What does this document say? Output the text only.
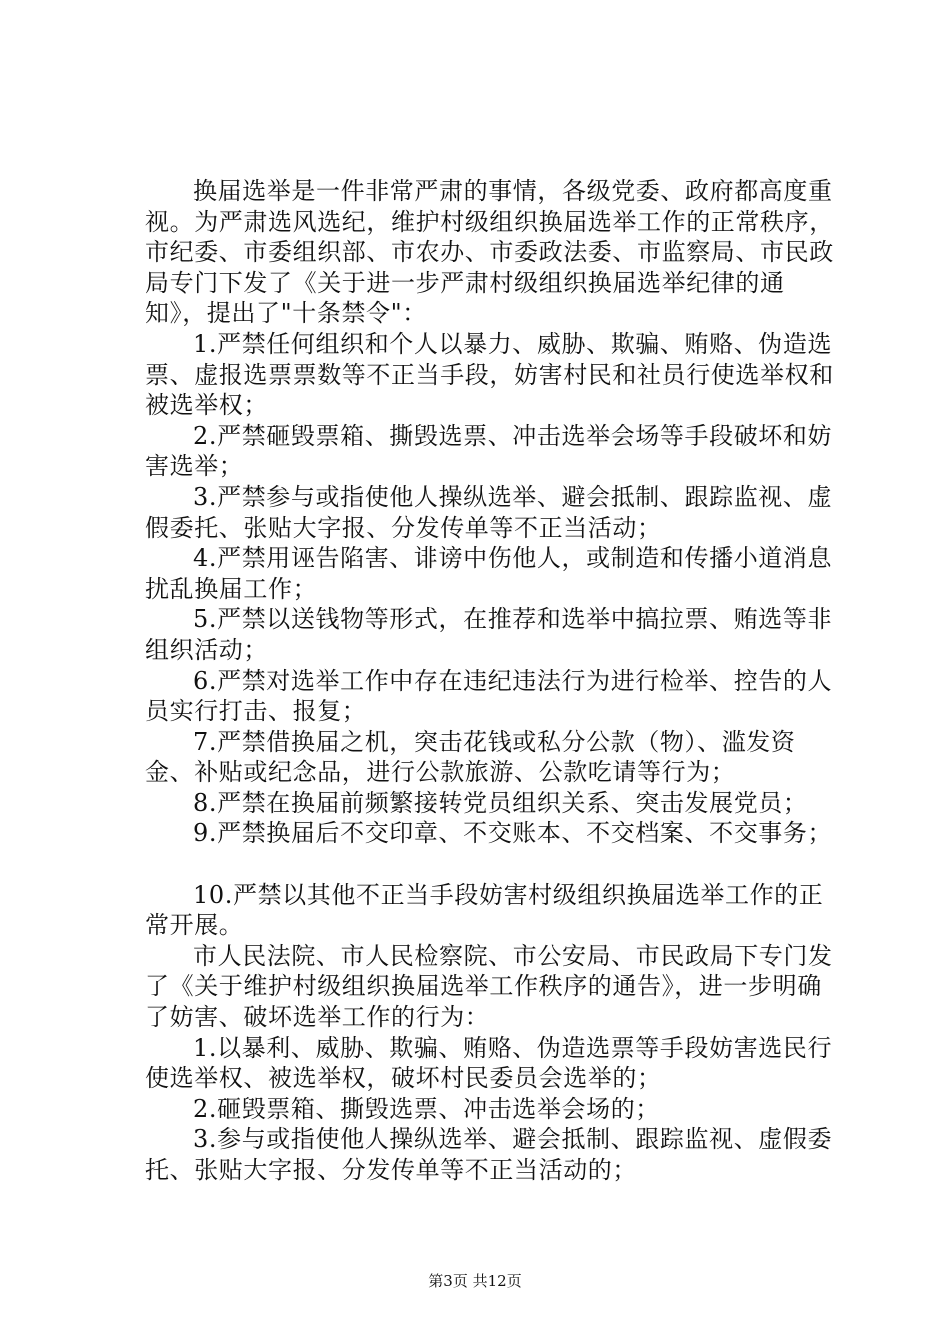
换届选举是一件非常严肃的事情，各级党委、政府都高度重视。为严肃选风选纪，维护村级组织换届选举工作的正常秩序，市纪委、市委组织部、市农办、市委政法委、市监察局、市民政局专门下发了《关于进一步严肃村级组织换届选举纪律的通知》，提出了"十条禁令"：

1.严禁任何组织和个人以暴力、威胁、欺骗、贿赂、伪造选票、虚报选票票数等不正当手段，妨害村民和社员行使选举权和被选举权；

2.严禁砸毁票箱、撕毁选票、冲击选举会场等手段破坏和妨害选举；

3.严禁参与或指使他人操纵选举、避会抵制、跟踪监视、虚假委托、张贴大字报、分发传单等不正当活动；

4.严禁用诬告陷害、诽谤中伤他人，或制造和传播小道消息扰乱换届工作；

5.严禁以送钱物等形式，在推荐和选举中搞拉票、贿选等非组织活动；

6.严禁对选举工作中存在违纪违法行为进行检举、控告的人员实行打击、报复；

7.严禁借换届之机，突击花钱或私分公款（物）、滥发资金、补贴或纪念品，进行公款旅游、公款吃请等行为；

8.严禁在换届前频繁接转党员组织关系、突击发展党员；

9.严禁换届后不交印章、不交账本、不交档案、不交事务；

10.严禁以其他不正当手段妨害村级组织换届选举工作的正常开展。

市人民法院、市人民检察院、市公安局、市民政局下专门发了《关于维护村级组织换届选举工作秩序的通告》，进一步明确了妨害、破坏选举工作的行为：

1.以暴利、威胁、欺骗、贿赂、伪造选票等手段妨害选民行使选举权、被选举权，破坏村民委员会选举的；

2.砸毁票箱、撕毁选票、冲击选举会场的；

3.参与或指使他人操纵选举、避会抵制、跟踪监视、虚假委托、张贴大字报、分发传单等不正当活动的；

第3页 共12页
